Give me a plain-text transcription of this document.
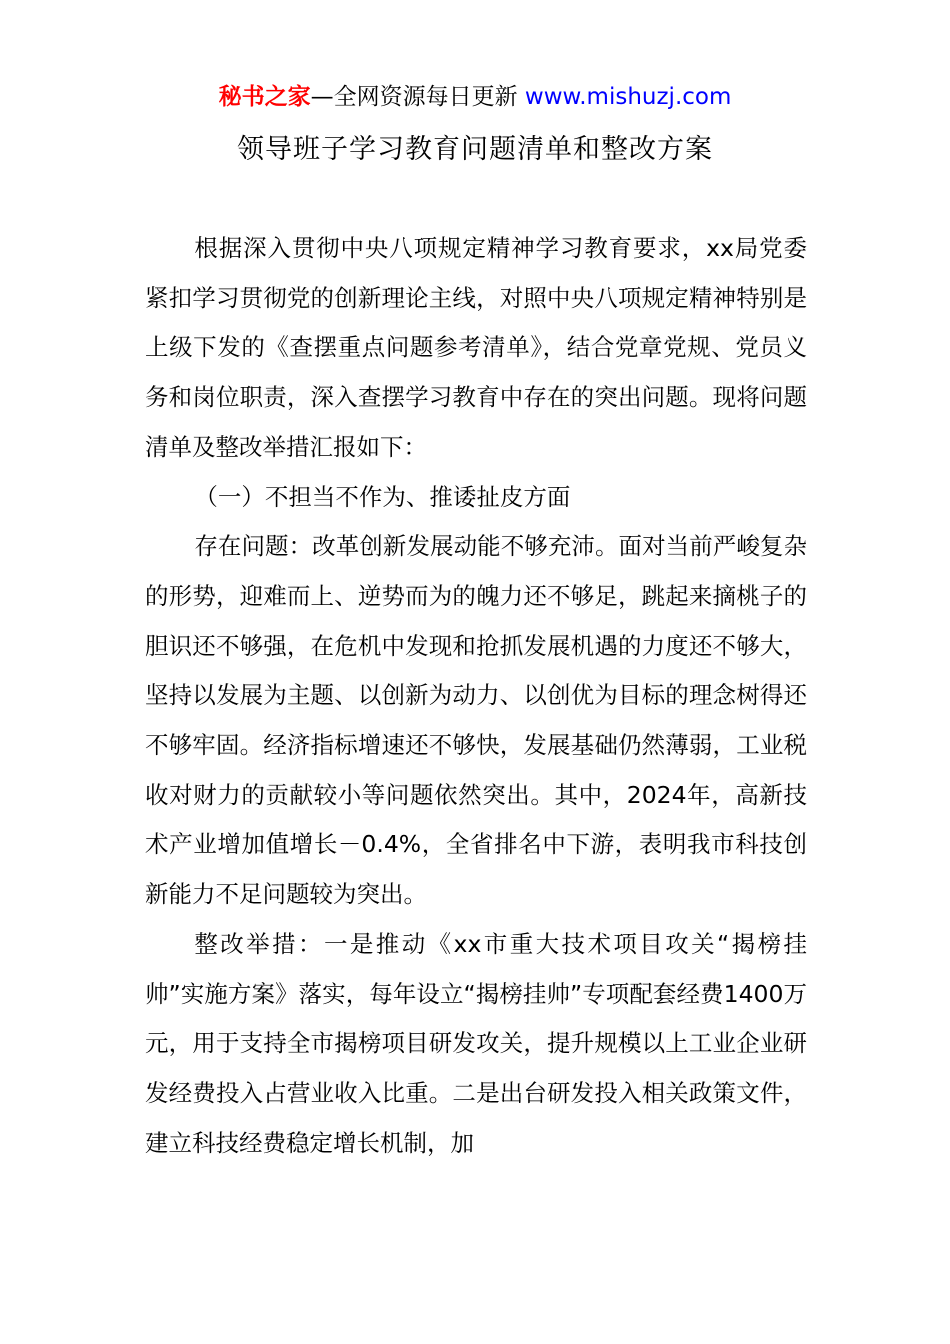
秘书之家—全网资源每日更新 www.mishuzj.com
领导班子学习教育问题清单和整改方案

根据深入贯彻中央八项规定精神学习教育要求，xx局党委紧扣学习贯彻党的创新理论主线，对照中央八项规定精神特别是上级下发的《查摆重点问题参考清单》，结合党章党规、党员义务和岗位职责，深入查摆学习教育中存在的突出问题。现将问题清单及整改举措汇报如下：

（一）不担当不作为、推诿扯皮方面

存在问题：改革创新发展动能不够充沛。面对当前严峻复杂的形势，迎难而上、逆势而为的魄力还不够足，跳起来摘桃子的胆识还不够强，在危机中发现和抢抓发展机遇的力度还不够大，坚持以发展为主题、以创新为动力、以创优为目标的理念树得还不够牢固。经济指标增速还不够快，发展基础仍然薄弱，工业税收对财力的贡献较小等问题依然突出。其中，2024年，高新技术产业增加值增长－0.4%，全省排名中下游，表明我市科技创新能力不足问题较为突出。

整改举措：一是推动《xx市重大技术项目攻关“揭榜挂帅”实施方案》落实，每年设立“揭榜挂帅”专项配套经费1400万元，用于支持全市揭榜项目研发攻关，提升规模以上工业企业研发经费投入占营业收入比重。二是出台研发投入相关政策文件，建立科技经费稳定增长机制，加
